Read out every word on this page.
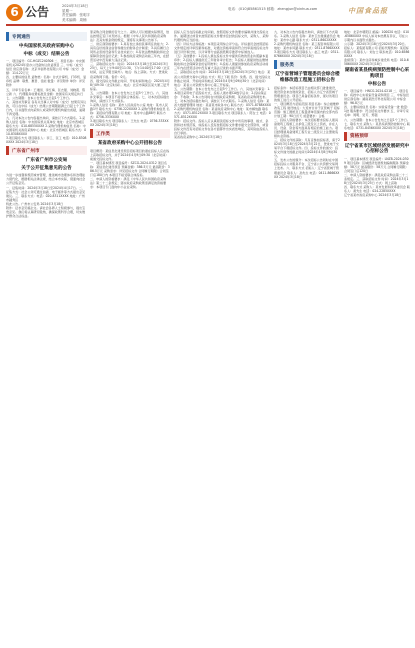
6 公告	2024年3月18日
星期一
责任编辑：张明宇
美术编辑：周楠
电话：(010)85861515 邮箱：zhengjun@xinhua.com	中国食品报
专网通告
中央国家机关政府采购中心
中标（成交）结果公告

一、项目编号：GC-HGZC240306 二、项目名称：中央国家机关2024年度办公设备协议供货项目 三、中标（成交）信息 供应商名称：北京华信科技有限公司 中标（成交）金额：114.22万元

四、主要标的信息 货物类：名称：台式计算机、打印机、复印机 品牌：联想、惠普、佳能 数量：详见附件 单价：详见附件

五、评审专家名单：王建国、李红梅、张志强、刘晓燕、陈立新 六、代理服务收费标准及金额：按国家有关规定执行 七、公告期限：自本公告发布之日起1个工作日。

八、其他补充事宜 各有关当事人对中标（成交）结果有异议的，可以在中标（成交）结果公告期限届满之日起七个工作日内，以书面形式向采购人或采购代理机构提出质疑，逾期不再受理。

九、凡对本次公告内容提出询问，请按以下方式联系。1.采购人信息 名称：中央国家机关某单位 地址：北京市西城区 联系方式：010-6855XXXX 2.采购代理机构信息 名称：中央国家机关政府采购中心 地址：北京市西城区 联系方式：010-8308XXXX

3.项目联系方式 项目联系人：李工、张工 电话：010-8308XXXX 2024年3月18日

广东省广州市
广东省广州市公安局
关于公开征集意见的公告

为进一步加强和规范城市管理，推进城市治理体系和治理能力现代化，根据相关法律法规，结合本市实际，现面向社会公开征集意见。

一、征集时间：2024年3月18日至2024年4月17日。二、征集方式：社会公众可通过信函、电子邮件等方式提出意见建议。三、联系方式：电话：020-8311XXXX 地址：广州市越秀区

特此公告。广州市公安局 2024年3月18日

附件：征求意见稿全文。请社会各界人士积极参与，提出宝贵意见。我们将认真研究吸纳，确保政策科学合理，切实维护群众合法权益。

原采购合同金额的百分之十。采购人可以根据实际情况，依法按规定签订补充协议。根据《中华人民共和国政府采购法》及其实施条例的规定，现将有关事项公告如下。

二、供应商资格要求：1.具有独立承担民事责任的能力；2.具有良好的商业信誉和健全的财务会计制度；3.具有履行合同所必需的设备和专业技术能力；4.有依法缴纳税收和社会保障资金的良好记录；5.参加政府采购活动前三年内，在经营活动中没有重大违法记录。

三、获取招标文件：时间：2024年3月18日至2024年3月25日，每天上午9:00至11:30，下午14:00至17:00（北京时间，法定节假日除外）。地点：线上获取。方式：登录政府采购网下载。售价：0元。

四、提交投标文件截止时间、开标时间和地点：2024年4月8日09:30（北京时间）。地点：北京市海淀区某大厦三层开标室。

五、公告期限：自本公告发布之日起5个工作日。六、其他补充事宜：本项目不接受联合体投标。七、对本次招标提出询问，请按以下方式联系。

1.采购人信息 名称：某市人民政府办公室 地址：某市人民路1号 联系方式：0756-222XXXX 2.采购代理机构信息 名称：某招标代理有限公司 地址：某市中山路88号 联系方式：0756-333XXXX

3.项目联系方式 项目联系人：王先生 电话：0756-333XXXX 2024年3月18日

工作类
某省政府采购中心公开招标公告

项目概况：某信息化建设项目招标项目的潜在投标人应在线上获取招标文件，并于2024年4月9日09:30（北京时间）前递交投标文件。

一、项目基本情况 项目编号：SZCG-2024-0312 项目名称：某信息化建设项目 预算金额：386.5万元 最高限价：386.5万元 采购需求：详见招标文件 合同履行期限：合同签订后180日内 本项目不接受联合体投标。

二、申请人的资格要求：满足《中华人民共和国政府采购法》第二十二条规定；落实政府采购政策需满足的资格要求：本项目专门面向中小企业采购。

投标人应当在投标截止时间前，按照招标文件的要求编制并递交投标文件。逾期送达或者未按照招标文件要求密封的投标文件，采购人、采购代理机构应当拒收。

（四）评标方法和标准：本项目采用综合评分法。评标委员会按照招标文件规定的评审因素和标准，对通过资格审查和符合性审查的投标文件进行评价和比较，以评审得分由高到低顺序推荐中标候选人。

（五）其他要求：1.投标人须在投标文件中提供有效的营业执照副本复印件；2.投标人须提供近三年财务审计报告；3.投标人须提供依法缴纳税收和社会保障资金的证明材料；4.投标人须提供参加政府采购活动前三年内在经营活动中没有重大违法记录的书面声明。

三、获取招标文件 时间：2024年3月18日至2024年3月25日 地点：某省公共资源交易中心网站 方式：网上下载 售价：免费。四、提交投标文件截止时间、开标时间和地点 2024年4月9日09时30分（北京时间） 地点：某省公共资源交易中心第三开标室。

五、公告期限：自本公告发布之日起5个工作日。六、其他补充事宜：1.本项目采用电子招投标方式，投标人须办理CA数字证书；2.投标保证金：不收取；3.本公告同时在中国政府采购网、某省政府采购网发布。

七、对本次招标提出询问，请按以下方式联系。1.采购人信息 名称：某省大数据管理局 地址：某省某市政务中心 联系方式：0571-8788XXXX 2.采购代理机构信息 名称：某省政府采购中心 地址：某市解放路 联系方式：0571-8512XXXX 3.项目联系方式 项目联系人：陈女士 电话：0571-8512XXXX

附件：招标文件。投标人应认真阅读招标文件中所有的事项、格式、条款和技术规范等，如投标人没有按照招标文件要求提交全部资料，或者投标文件没有对招标文件在各方面都作出实质性响应，其风险由投标人自行承担。

某省政府采购中心 2024年3月18日

九、对本次公告内容提出询问，请按以下方式联系。1.采购人信息 名称：某市卫生健康委员会 地址：某市中心路 联系方式：0311-8602XXXX

2.采购代理机构信息 名称：某工程咨询有限公司 地址：某市东风路 联系方式：0311-8766XXXX 3.项目联系方式 项目联系人：赵工 电话：0311-8766XXXX 2024年3月18日

服务类
辽宁省营城子管理委员会综合楼维修改造工程施工招标公告

招标条件：本招标项目已由相关部门批准建设，建设资金来自财政资金，招标人为辽宁省营城子管理委员会。项目已具备招标条件，现对该项目的施工进行公开招标。

一、项目概况与招标范围 项目名称：综合楼维修改造工程 建设地点：大连市甘井子区营城子 招标范围：施工图纸及工程量清单范围内的全部内容 计划工期：90日历天 质量要求：合格

二、投标人资格要求：本次招标要求投标人须具备建筑工程施工总承包三级及以上资质，并在人员、设备、资金等方面具有相应的施工能力。项目经理须具备建筑工程专业二级及以上注册建造师执业资格。

三、招标文件的获取：凡有意参加投标者，请于2024年3月18日至2024年3月22日，登录电子交易平台下载招标文件。四、投标文件的递交：投标文件递交的截止时间为2024年4月8日9时30分。

五、发布公告的媒介：本次招标公告同时在中国招标投标公共服务平台、辽宁省公共资源交易网上发布。六、联系方式 招标人：辽宁省营城子管理委员会 联系人：孙先生 电话：0411-8666XXXX 2024年3月18日

地址：北京市朝阳区 邮编：100020 电话：010-6586XXXX 中标人如对本结果有异议，可在公示期内以书面形式提出。

公示期：2024年3月18日至2024年3月20日。招标人：某集团有限公司 招标代理机构：某招标有限公司 联系人：刘女士 联系电话：010-6586XXXX

监督部门：某市住房和城乡建设局 电话：010-6586XXXX 2024年3月18日

湖南省某县疾病预防控制中心采购项目
中标公告

一、项目编号：HNCG-2024-0218 二、项目名称：疾控中心实验室设备采购项目 三、中标信息 供应商名称：湖南某医疗科技有限公司 中标金额：96.8万元

四、主要标的信息 名称：实验室设备一批 数量：1批 服务要求：符合招标文件要求 五、评审专家名单：周明、吴芳、郑强

六、公告期限：自本公告发布之日起1个工作日。七、联系方式 采购人：某县疾病预防控制中心 联系电话：0731-8456XXXX 2024年3月18日

资格预审
辽宁省某市区域经济发展研究中心招标公告

一、项目基本情况 项目编号：LNZB-2024-0309 项目名称：区域经济发展规划编制服务 预算金额：58万元 最高限价：58万元 合同履行期限：合同签订后120日

二、申请人资格要求：满足政府采购法第二十二条规定。三、获取招标文件 时间：2024年3月18日至2024年3月25日 方式：网上获取

四、联系方式 采购人：某市发展和改革委员会 联系人：黄先生 电话：024-2285XXXX

辽宁省某市政府采购中心 2024年3月18日
